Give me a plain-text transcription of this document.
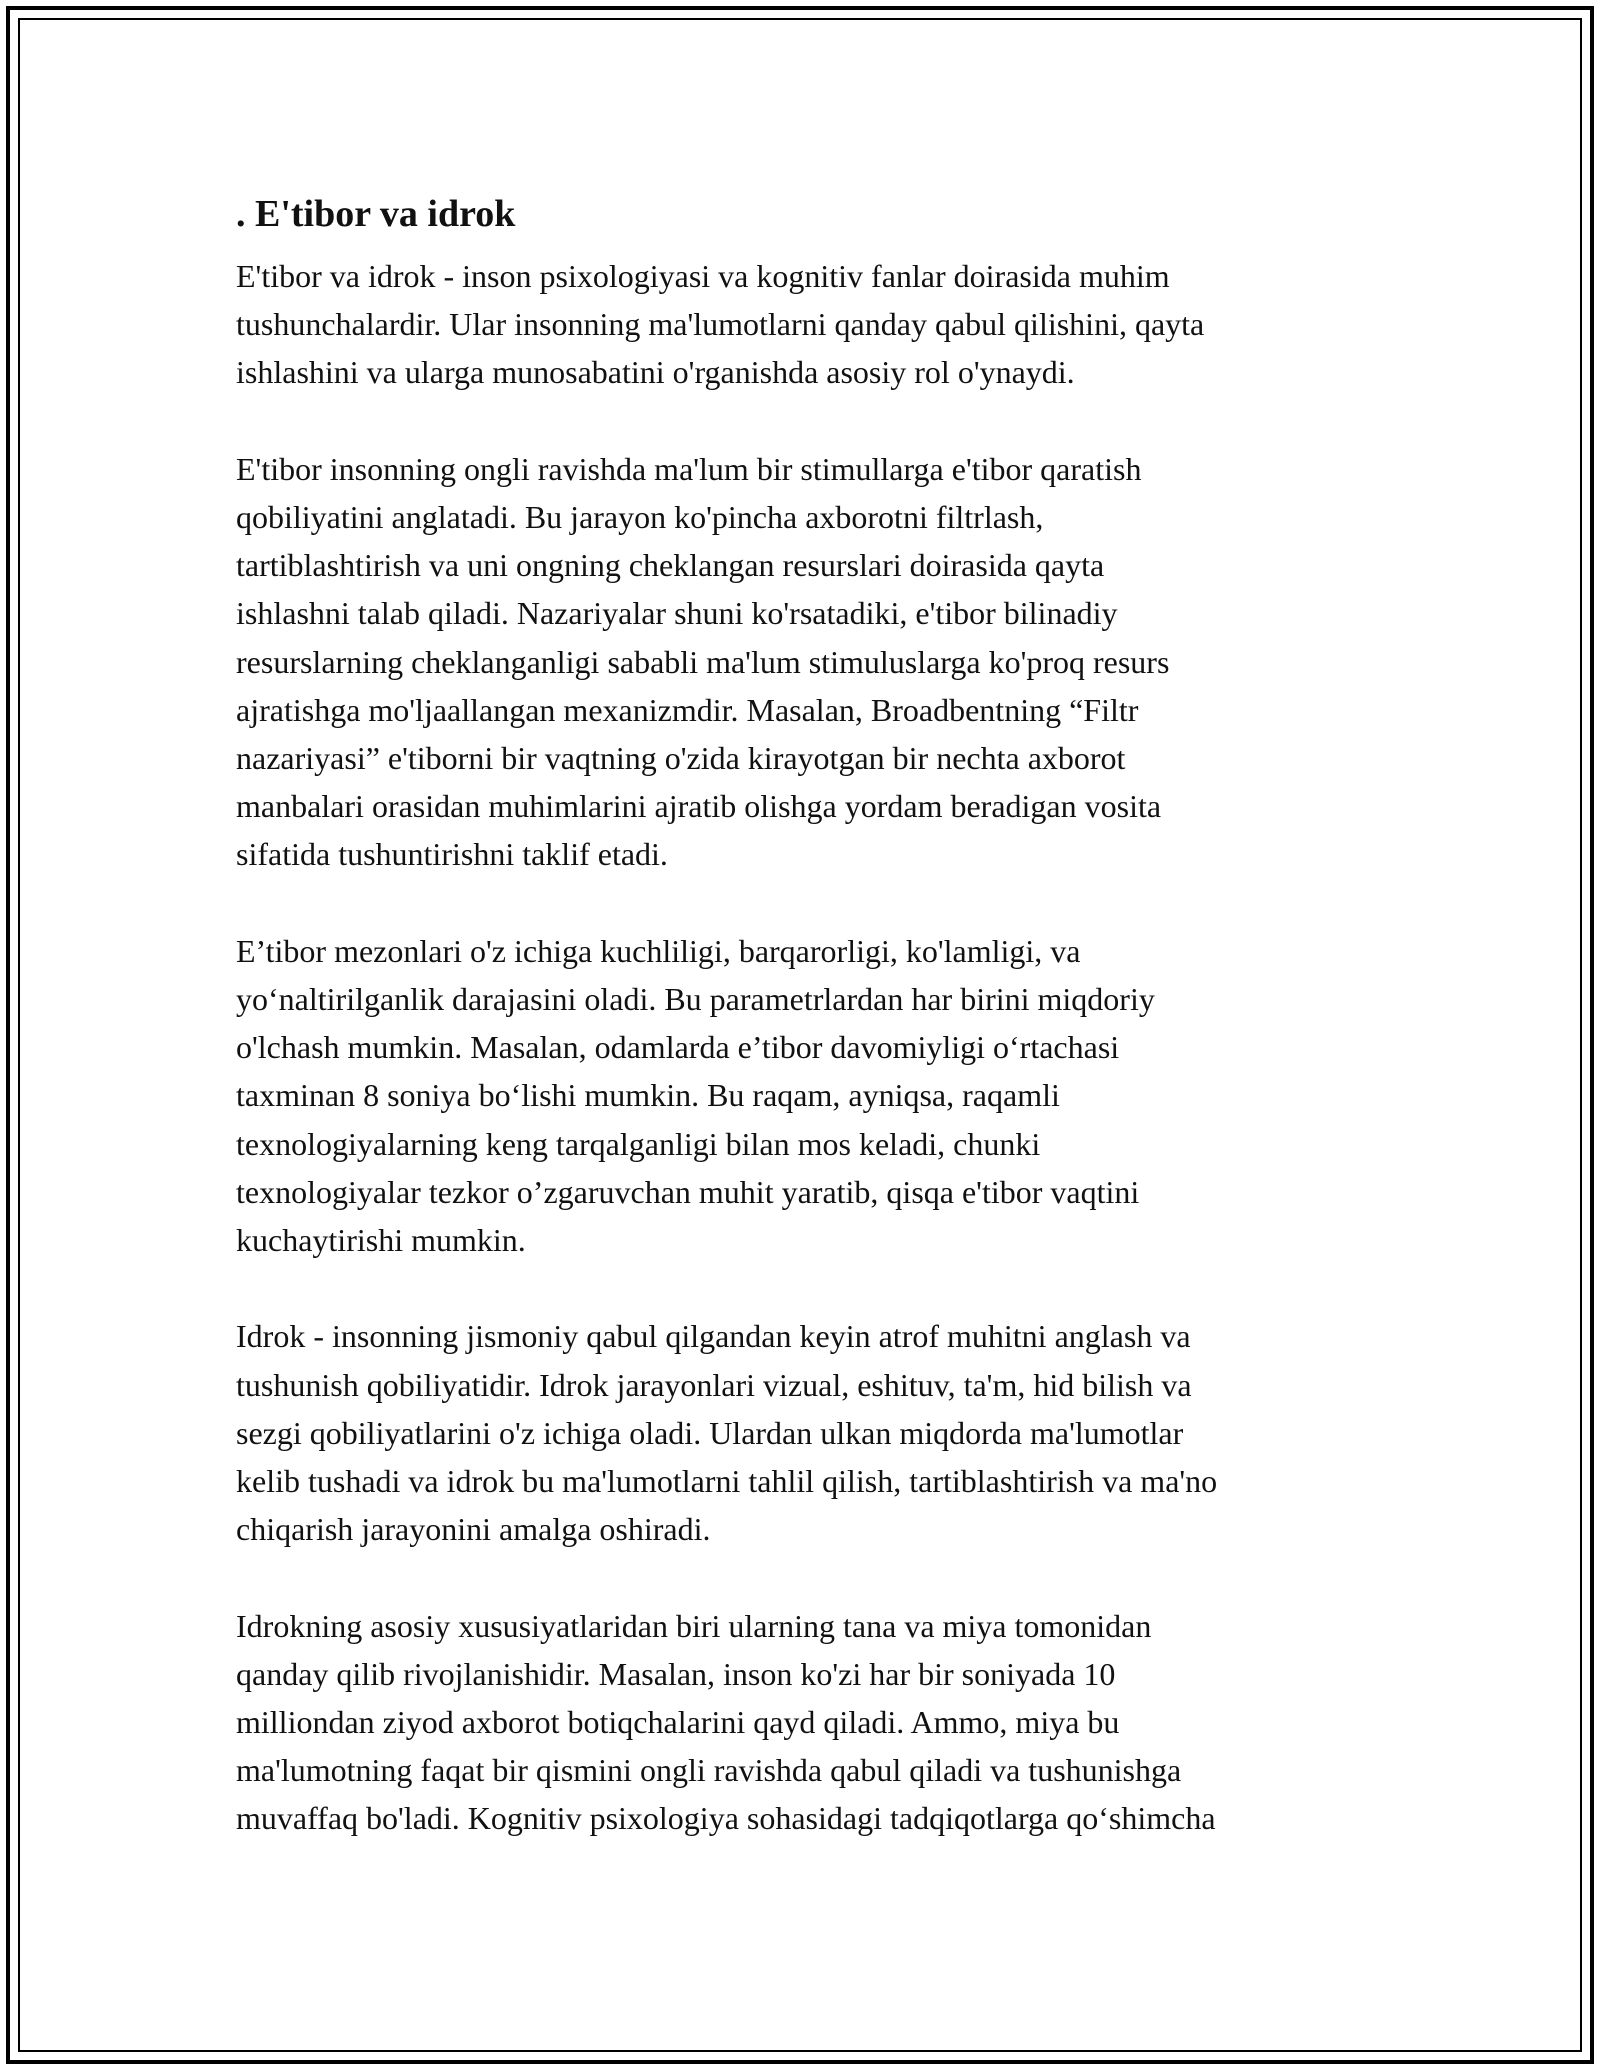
. E'tibor va idrok
E'tibor va idrok - inson psixologiyasi va kognitiv fanlar doirasida muhim
tushunchalardir. Ular insonning ma'lumotlarni qanday qabul qilishini, qayta
ishlashini va ularga munosabatini o'rganishda asosiy rol o'ynaydi.
E'tibor insonning ongli ravishda ma'lum bir stimullarga e'tibor qaratish
qobiliyatini anglatadi. Bu jarayon ko'pincha axborotni filtrlash,
tartiblashtirish va uni ongning cheklangan resurslari doirasida qayta
ishlashni talab qiladi. Nazariyalar shuni ko'rsatadiki, e'tibor bilinadiy
resurslarning cheklanganligi sababli ma'lum stimuluslarga ko'proq resurs
ajratishga mo'ljaallangan mexanizmdir. Masalan, Broadbentning “Filtr
nazariyasi” e'tiborni bir vaqtning o'zida kirayotgan bir nechta axborot
manbalari orasidan muhimlarini ajratib olishga yordam beradigan vosita
sifatida tushuntirishni taklif etadi.
E’tibor mezonlari o'z ichiga kuchliligi, barqarorligi, ko'lamligi, va
yo‘naltirilganlik darajasini oladi. Bu parametrlardan har birini miqdoriy
o'lchash mumkin. Masalan, odamlarda e’tibor davomiyligi o‘rtachasi
taxminan 8 soniya bo‘lishi mumkin. Bu raqam, ayniqsa, raqamli
texnologiyalarning keng tarqalganligi bilan mos keladi, chunki
texnologiyalar tezkor o’zgaruvchan muhit yaratib, qisqa e'tibor vaqtini
kuchaytirishi mumkin.
Idrok - insonning jismoniy qabul qilgandan keyin atrof muhitni anglash va
tushunish qobiliyatidir. Idrok jarayonlari vizual, eshituv, ta'm, hid bilish va
sezgi qobiliyatlarini o'z ichiga oladi. Ulardan ulkan miqdorda ma'lumotlar
kelib tushadi va idrok bu ma'lumotlarni tahlil qilish, tartiblashtirish va ma'no
chiqarish jarayonini amalga oshiradi.
Idrokning asosiy xususiyatlaridan biri ularning tana va miya tomonidan
qanday qilib rivojlanishidir. Masalan, inson ko'zi har bir soniyada 10
milliondan ziyod axborot botiqchalarini qayd qiladi. Ammo, miya bu
ma'lumotning faqat bir qismini ongli ravishda qabul qiladi va tushunishga
muvaffaq bo'ladi. Kognitiv psixologiya sohasidagi tadqiqotlarga qo‘shimcha
